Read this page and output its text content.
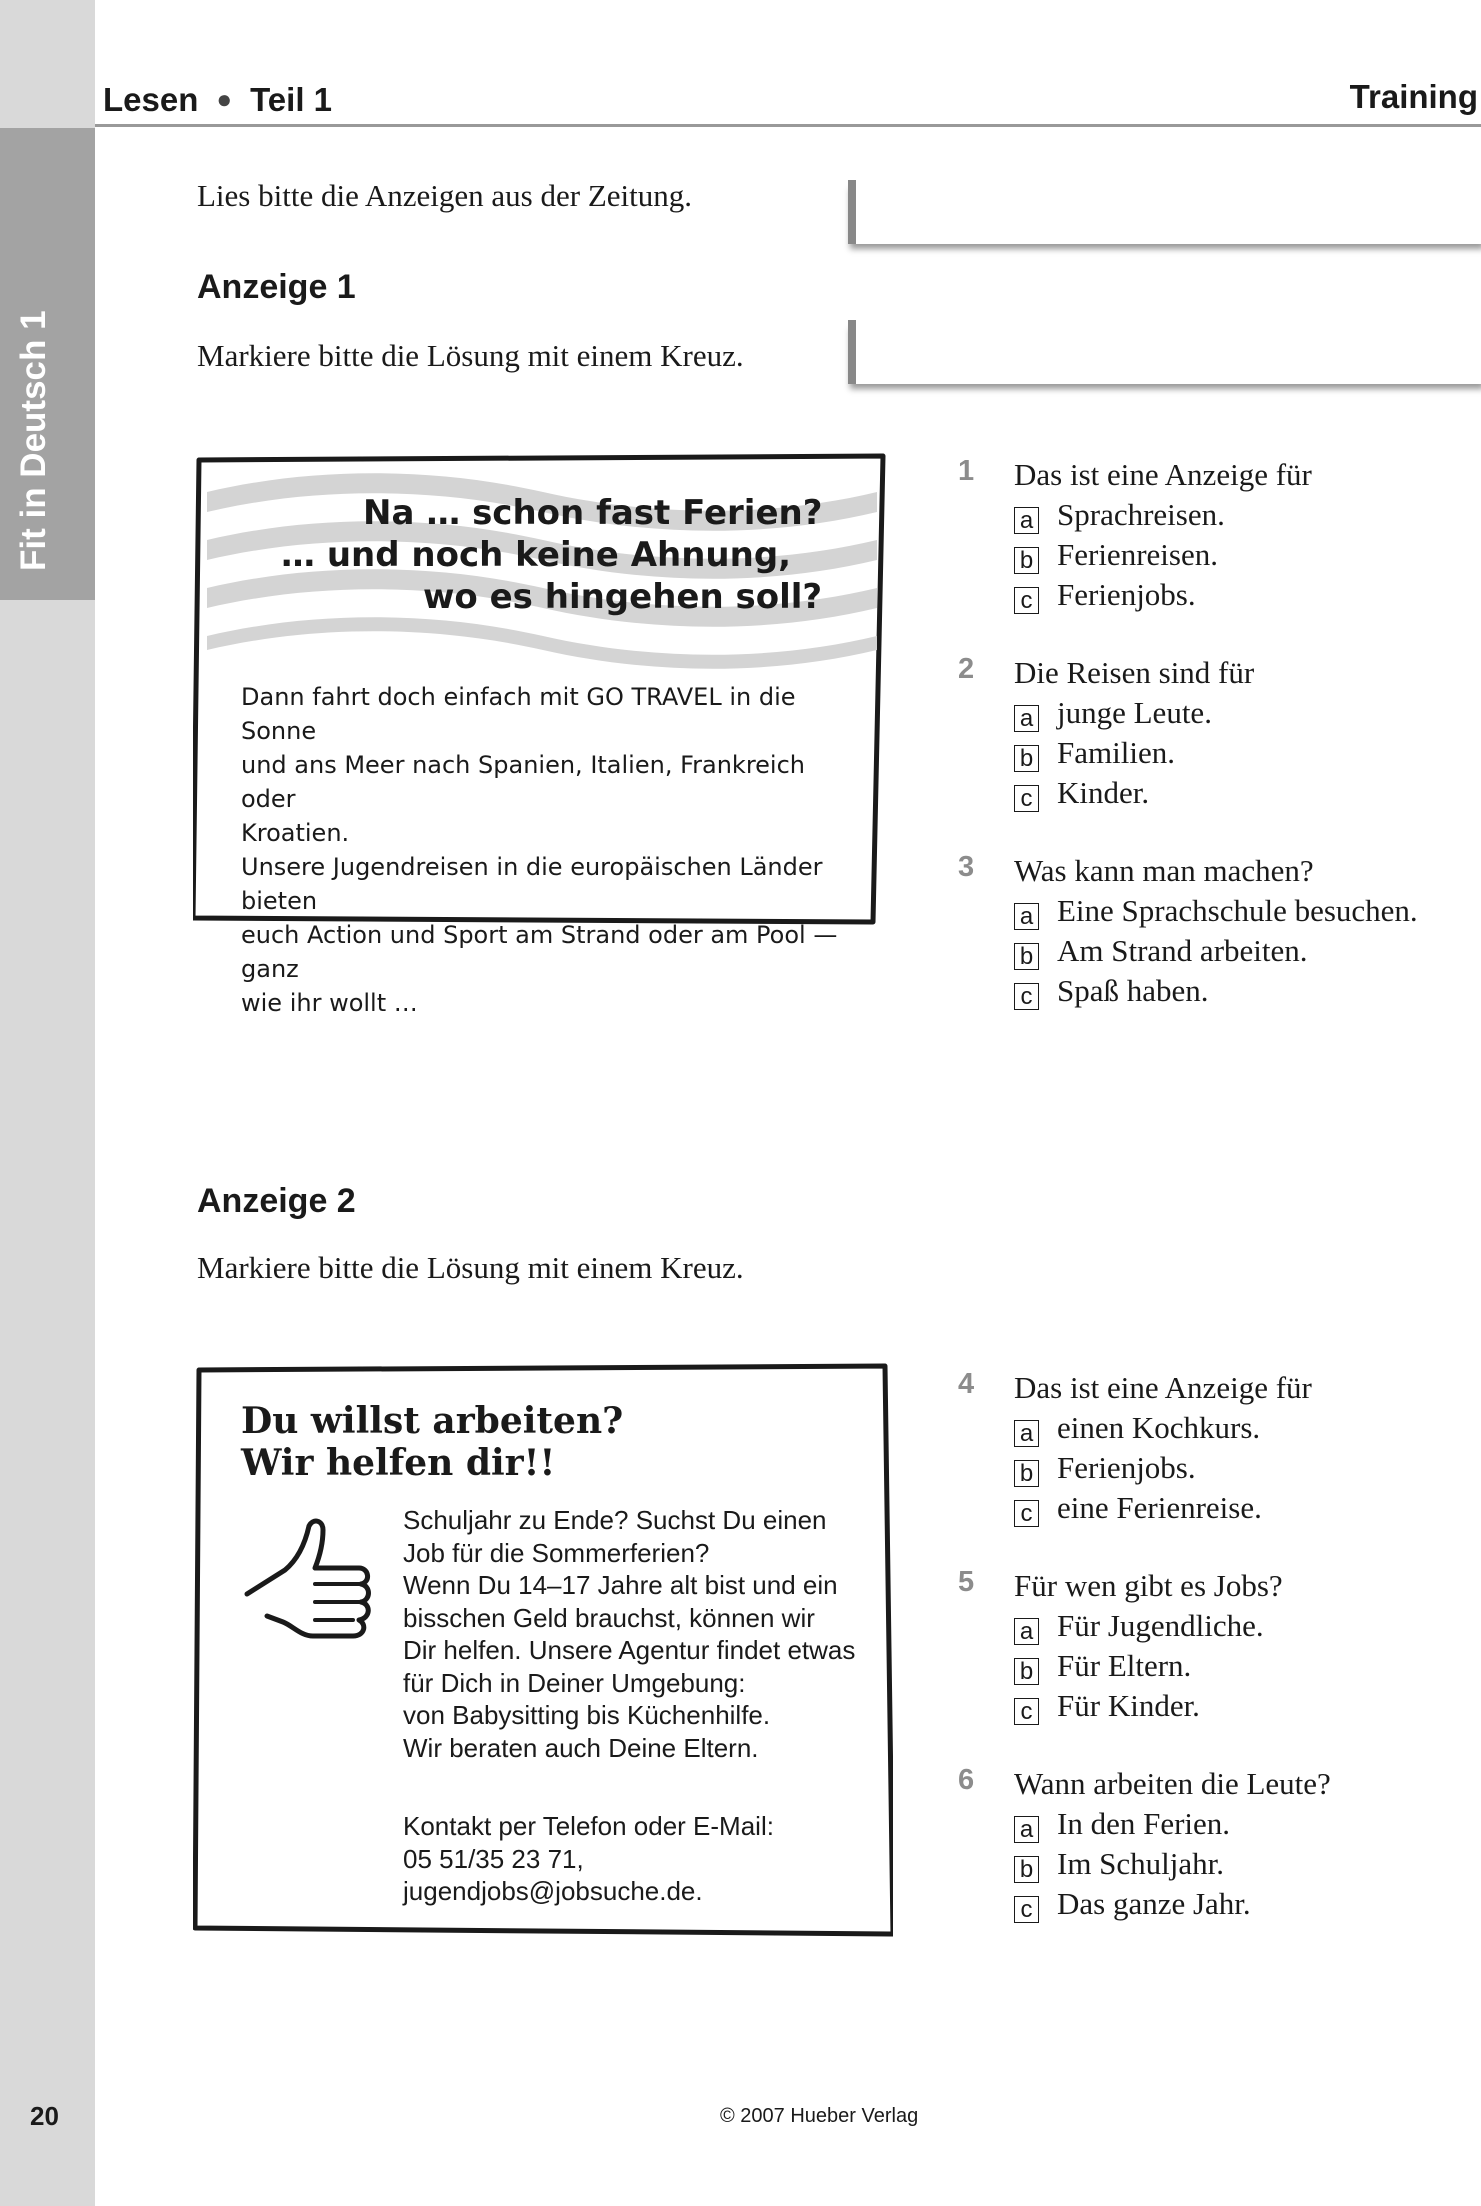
Fit in Deutsch 1
20
Lesen ● Teil 1	Training
Lies bitte die Anzeigen aus der Zeitung.
Anzeige 1
Markiere bitte die Lösung mit einem Kreuz.
Na … schon fast Ferien?
… und noch keine Ahnung,
wo es hingehen soll?
Dann fahrt doch einfach mit GO TRAVEL in die Sonne
und ans Meer nach Spanien, Italien, Frankreich oder
Kroatien.
Unsere Jugendreisen in die europäischen Länder bieten
euch Action und Sport am Strand oder am Pool — ganz
wie ihr wollt …
1 Das ist eine Anzeige für
a Sprachreisen.
b Ferienreisen.
c Ferienjobs.
2 Die Reisen sind für
a junge Leute.
b Familien.
c Kinder.
3 Was kann man machen?
a Eine Sprachschule besuchen.
b Am Strand arbeiten.
c Spaß haben.
Anzeige 2
Markiere bitte die Lösung mit einem Kreuz.
Du willst arbeiten?
Wir helfen dir!!
Schuljahr zu Ende? Suchst Du einen
Job für die Sommerferien?
Wenn Du 14–17 Jahre alt bist und ein
bisschen Geld brauchst, können wir
Dir helfen. Unsere Agentur findet etwas
für Dich in Deiner Umgebung:
von Babysitting bis Küchenhilfe.
Wir beraten auch Deine Eltern.
Kontakt per Telefon oder E-Mail:
05 51/35 23 71,
jugendjobs@jobsuche.de.
4 Das ist eine Anzeige für
a einen Kochkurs.
b Ferienjobs.
c eine Ferienreise.
5 Für wen gibt es Jobs?
a Für Jugendliche.
b Für Eltern.
c Für Kinder.
6 Wann arbeiten die Leute?
a In den Ferien.
b Im Schuljahr.
c Das ganze Jahr.
© 2007 Hueber Verlag
